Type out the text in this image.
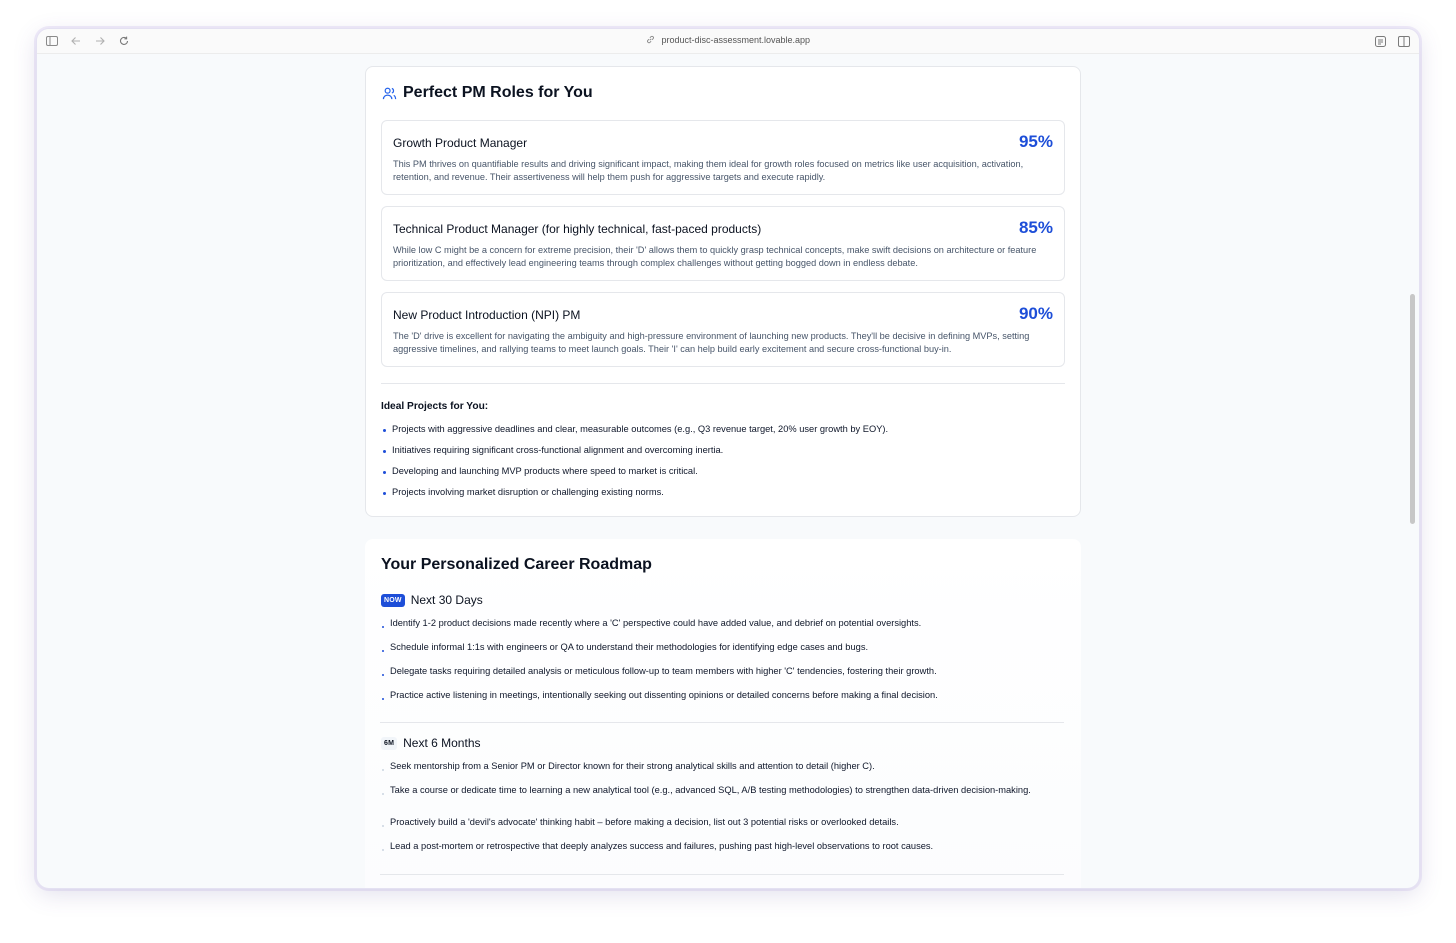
product-disc-assessment.lovable.app
Perfect PM Roles for You
Growth Product Manager	95%
This PM thrives on quantifiable results and driving significant impact, making them ideal for growth roles focused on metrics like user acquisition, activation, retention, and revenue. Their assertiveness will help them push for aggressive targets and execute rapidly.
Technical Product Manager (for highly technical, fast-paced products)	85%
While low C might be a concern for extreme precision, their 'D' allows them to quickly grasp technical concepts, make swift decisions on architecture or feature prioritization, and effectively lead engineering teams through complex challenges without getting bogged down in endless debate.
New Product Introduction (NPI) PM	90%
The 'D' drive is excellent for navigating the ambiguity and high-pressure environment of launching new products. They'll be decisive in defining MVPs, setting aggressive timelines, and rallying teams to meet launch goals. Their 'I' can help build early excitement and secure cross-functional buy-in.
Ideal Projects for You:
Projects with aggressive deadlines and clear, measurable outcomes (e.g., Q3 revenue target, 20% user growth by EOY).
Initiatives requiring significant cross-functional alignment and overcoming inertia.
Developing and launching MVP products where speed to market is critical.
Projects involving market disruption or challenging existing norms.
Your Personalized Career Roadmap
NOW Next 30 Days
Identify 1-2 product decisions made recently where a 'C' perspective could have added value, and debrief on potential oversights.
Schedule informal 1:1s with engineers or QA to understand their methodologies for identifying edge cases and bugs.
Delegate tasks requiring detailed analysis or meticulous follow-up to team members with higher 'C' tendencies, fostering their growth.
Practice active listening in meetings, intentionally seeking out dissenting opinions or detailed concerns before making a final decision.
6M Next 6 Months
Seek mentorship from a Senior PM or Director known for their strong analytical skills and attention to detail (higher C).
Take a course or dedicate time to learning a new analytical tool (e.g., advanced SQL, A/B testing methodologies) to strengthen data-driven decision-making.
Proactively build a 'devil's advocate' thinking habit – before making a decision, list out 3 potential risks or overlooked details.
Lead a post-mortem or retrospective that deeply analyzes success and failures, pushing past high-level observations to root causes.
